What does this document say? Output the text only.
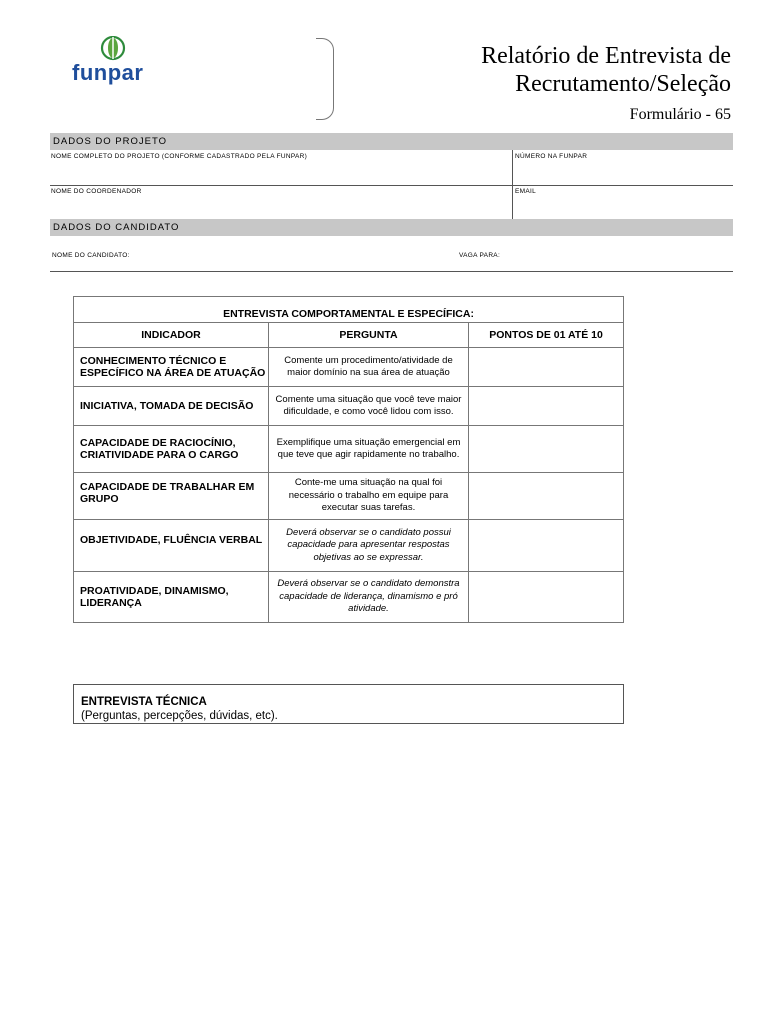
funpar
Relatório de Entrevista de
Recrutamento/Seleção
Formulário - 65
DADOS DO PROJETO
NOME COMPLETO DO PROJETO (CONFORME CADASTRADO PELA FUNPAR)	NÚMERO NA FUNPAR
NOME DO COORDENADOR	EMAIL
DADOS DO CANDIDATO
NOME DO CANDIDATO:	VAGA PARA:
ENTREVISTA COMPORTAMENTAL E ESPECÍFICA:		
INDICADOR	PERGUNTA	PONTOS DE 01 ATÉ 10
CONHECIMENTO TÉCNICO E ESPECÍFICO NA ÁREA DE ATUAÇÃO	Comente um procedimento/atividade de maior domínio na sua área de atuação	
INICIATIVA, TOMADA DE DECISÃO	Comente uma situação que você teve maior dificuldade, e como você lidou com isso.	
CAPACIDADE DE RACIOCÍNIO, CRIATIVIDADE PARA O CARGO	Exemplifique uma situação emergencial em que teve que agir rapidamente no trabalho.	
CAPACIDADE DE TRABALHAR EM GRUPO	Conte-me uma situação na qual foi necessário o trabalho em equipe para executar suas tarefas.	
OBJETIVIDADE, FLUÊNCIA VERBAL	Deverá observar se o candidato possui capacidade para apresentar respostas objetivas ao se expressar.	
PROATIVIDADE, DINAMISMO, LIDERANÇA	Deverá observar se o candidato demonstra capacidade de liderança, dinamismo e pró atividade.	
ENTREVISTA TÉCNICA
(Perguntas, percepções, dúvidas, etc).
